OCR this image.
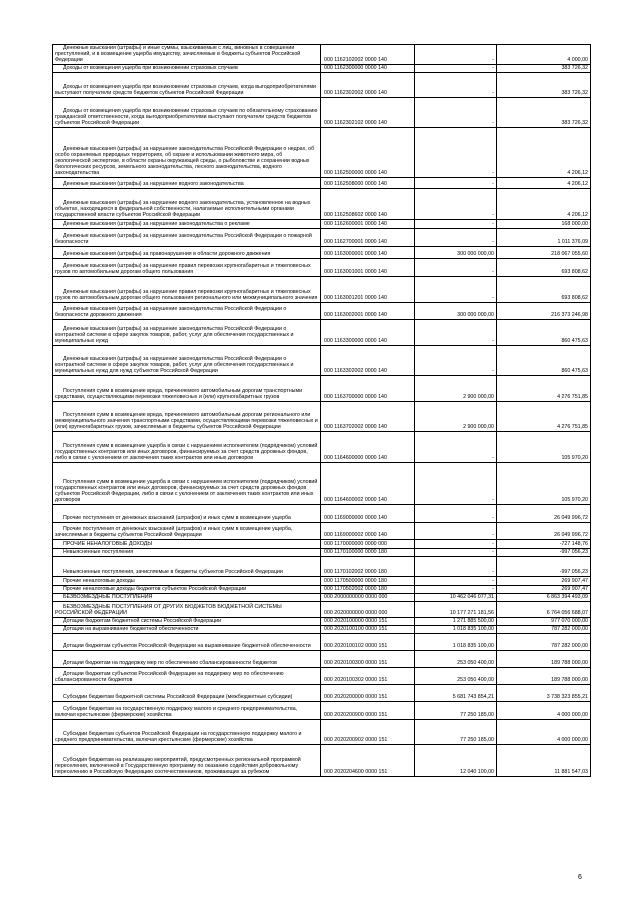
Денежные взыскания (штрафы) и иные суммы, взыскиваемые с лиц, виновных в совершении преступлений, и в возмещение ущерба имуществу, зачисляемые в бюджеты субъектов Российской Федерации	000 1162102002 0000 140	-	4 000,00
Доходы от возмещения ущерба при возникновении страховых случаев	000 1162300000 0000 140	-	383 726,32
Доходы от возмещения ущерба при возникновении страховых случаев, когда выгодоприобретателями выступают получатели средств бюджетов субъектов Российской Федерации	000 1162302002 0000 140	-	383 726,32
Доходы от возмещения ущерба при возникновении страховых случаев по обязательному страхованию гражданской ответственности, когда выгодоприобретателями выступают получатели средств бюджетов субъектов Российской Федерации	000 1162302102 0000 140	-	383 726,32
Денежные взыскания (штрафы) за нарушение законодательства Российской Федерации о недрах, об особо охраняемых природных территориях, об охране и использовании животного мира, об экологической экспертизе, в области охраны окружающей среды, о рыболовстве и сохранении водных биологических ресурсов, земельного законодательства, лесного законодательства, водного законодательства	000 1162500000 0000 140	-	4 206,12
Денежные взыскания (штрафы) за нарушение водного законодательства	000 1162508000 0000 140	-	4 206,12
Денежные взыскания (штрафы) за нарушение водного законодательства, установленное на водных объектах, находящихся в федеральной собственности, налагаемые исполнительными органами государственной власти субъектов Российской Федерации	000 1162508602 0000 140	-	4 206,12
Денежные взыскания (штрафы) за нарушение законодательства о рекламе	000 1162600001 0000 140	-	168 000,00
Денежные взыскания (штрафы) за нарушение законодательства Российской Федерации о пожарной безопасности	000 1162700001 0000 140	-	1 011 376,09
Денежные взыскания (штрафы) за правонарушения в области дорожного движения	000 1163000001 0000 140	300 000 000,00	218 067 055,60
Денежные взыскания (штрафы) за нарушение правил перевозки крупногабаритных и тяжеловесных грузов по автомобильным дорогам общего пользования	000 1163001001 0000 140	-	693 808,62
Денежные взыскания (штрафы) за нарушение правил перевозки крупногабаритных и тяжеловесных грузов по автомобильным дорогам общего пользования регионального или межмуниципального значения	000 1163001201 0000 140	-	693 808,62
Денежные взыскания (штрафы) за нарушение законодательства Российской Федерации о безопасности дорожного движения	000 1163002001 0000 140	300 000 000,00	216 373 246,98
Денежные взыскания (штрафы) за нарушение законодательства Российской Федерации о контрактной системе в сфере закупок товаров, работ, услуг для обеспечения государственных и муниципальных нужд	000 1163300000 0000 140	-	860 475,63
Денежные взыскания (штрафы) за нарушение законодательства Российской Федерации о контрактной системе в сфере закупок товаров, работ, услуг для обеспечения государственных и муниципальных нужд для нужд субъектов Российской Федерации	000 1163302002 0000 140	-	860 475,63
Поступления сумм в возмещение вреда, причиняемого автомобильным дорогам транспортными средствами, осуществляющими перевозки тяжеловесных и (или) крупногабаритных грузов	000 1163700000 0000 140	2 900 000,00	4 276 751,85
Поступления сумм в возмещение вреда, причиняемого автомобильным дорогам регионального или межмуниципального значения транспортными средствами, осуществляющими перевозки тяжеловесных и (или) крупногабаритных грузов, зачисляемые в бюджеты субъектов Российской Федерации	000 1163702002 0000 140	2 900 000,00	4 276 751,85
Поступления сумм в возмещение ущерба в связи с нарушением исполнителем (подрядчиком) условий государственных контрактов или иных договоров, финансируемых за счет средств дорожных фондов, либо в связи с уклонением от заключения таких контрактов или иных договоров	000 1164600000 0000 140	-	105 970,20
Поступления сумм в возмещение ущерба в связи с нарушением исполнителем (подрядчиком) условий государственных контрактов или иных договоров, финансируемых за счет средств дорожных фондов субъектов Российской Федерации, либо в связи с уклонением от заключения таких контрактов или иных договоров	000 1164600002 0000 140	-	105 970,20
Прочие поступления от денежных взысканий (штрафов) и иных сумм в возмещение ущерба	000 1169000000 0000 140	-	26 049 996,72
Прочие поступления от денежных взысканий (штрафов) и иных сумм в возмещение ущерба, зачисляемые в бюджеты субъектов Российской Федерации	000 1169000002 0000 140	-	26 049 996,72
ПРОЧИЕ НЕНАЛОГОВЫЕ ДОХОДЫ	000 1170000000 0000 000	-	-727 148,76
Невыясненные поступления	000 1170100000 0000 180	-	-997 056,23
Невыясненные поступления, зачисляемые в бюджеты субъектов Российской Федерации	000 1170102002 0000 180	-	-997 056,23
Прочие неналоговые доходы	000 1170500000 0000 180	-	269 907,47
Прочие неналоговые доходы бюджетов субъектов Российской Федерации	000 1170502002 0000 180	-	269 907,47
БЕЗВОЗМЕЗДНЫЕ ПОСТУПЛЕНИЯ	000 2000000000 0000 000	10 462 046 077,31	6 863 394 493,09
БЕЗВОЗМЕЗДНЫЕ ПОСТУПЛЕНИЯ ОТ ДРУГИХ БЮДЖЕТОВ БЮДЖЕТНОЙ СИСТЕМЫ РОССИЙСКОЙ ФЕДЕРАЦИИ	000 2020000000 0000 000	10 177 271 181,56	6 764 056 688,07
Дотации бюджетам бюджетной системы Российской Федерации	000 2020100000 0000 151	1 271 885 500,00	977 070 000,00
Дотации на выравнивание бюджетной обеспеченности	000 2020100100 0000 151	1 018 835 100,00	787 282 000,00
Дотации бюджетам субъектов Российской Федерации на выравнивание бюджетной обеспеченности	000 2020100102 0000 151	1 018 835 100,00	787 282 000,00
Дотации бюджетам на поддержку мер по обеспечению сбалансированности бюджетов	000 2020100300 0000 151	253 050 400,00	189 788 000,00
Дотации бюджетам субъектов Российской Федерации на поддержку мер по обеспечению сбалансированности бюджетов	000 2020100302 0000 151	253 050 400,00	189 788 000,00
Субсидии бюджетам бюджетной системы Российской Федерации (межбюджетные субсидии)	000 2020200000 0000 151	5 681 743 854,21	3 738 323 855,21
Субсидии бюджетам на государственную поддержку малого и среднего предпринимательства, включая крестьянские (фермерские) хозяйства	000 2020200900 0000 151	77 250 185,00	4 000 000,00
Субсидии бюджетам субъектов Российской Федерации на государственную поддержку малого и среднего предпринимательства, включая крестьянские (фермерские) хозяйства	000 2020200902 0000 151	77 250 185,00	4 000 000,00
Субсидия бюджетам на реализацию мероприятий, предусмотренных региональной программой переселения, включенной в Государственную программу по оказанию содействия добровольному переселению в Российскую Федерацию соотечественников, проживающих за рубежом	000 2020204600 0000 151	12 040 100,00	11 881 547,03
6
